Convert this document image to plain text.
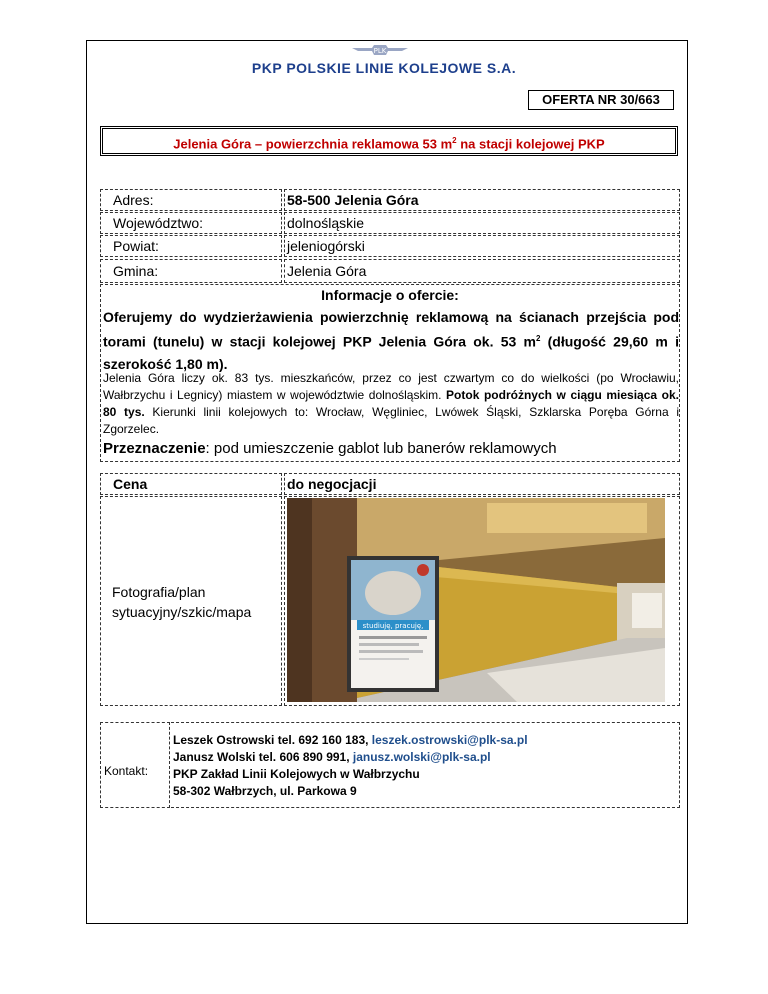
PLK
PKP POLSKIE LINIE KOLEJOWE S.A.
OFERTA NR 30/663
Jelenia Góra – powierzchnia reklamowa 53 $m^2$ na stacji kolejowej PKP
Adres:	58-500 Jelenia Góra
Województwo:	dolnośląskie
Powiat:	jeleniogórski
Gmina:	Jelenia Góra
Informacje o ofercie:
Oferujemy do wydzierżawienia powierzchnię reklamową na ścianach przejścia pod torami (tunelu) w stacji kolejowej PKP Jelenia Góra ok. 53 $m^2$ (długość 29,60 m i szerokość 1,80 m).
Jelenia Góra liczy ok. 83 tys. mieszkańców, przez co jest czwartym co do wielkości (po Wrocławiu, Wałbrzychu i Legnicy) miastem w województwie dolnośląskim. Potok podróżnych w ciągu miesiąca ok. 80 tys. Kierunki linii kolejowych to: Wrocław, Węgliniec, Lwówek Śląski, Szklarska Poręba Górna i Zgorzelec.
Przeznaczenie: pod umieszczenie gablot lub banerów reklamowych
Cena	do negocjacji
Fotografia/plan sytuacyjny/szkic/mapa
studiuję, pracuję,
Kontakt:
Leszek Ostrowski tel. 692 160 183, leszek.ostrowski@plk-sa.pl
Janusz Wolski tel. 606 890 991, janusz.wolski@plk-sa.pl
PKP Zakład Linii Kolejowych w Wałbrzychu
58-302 Wałbrzych, ul. Parkowa 9
